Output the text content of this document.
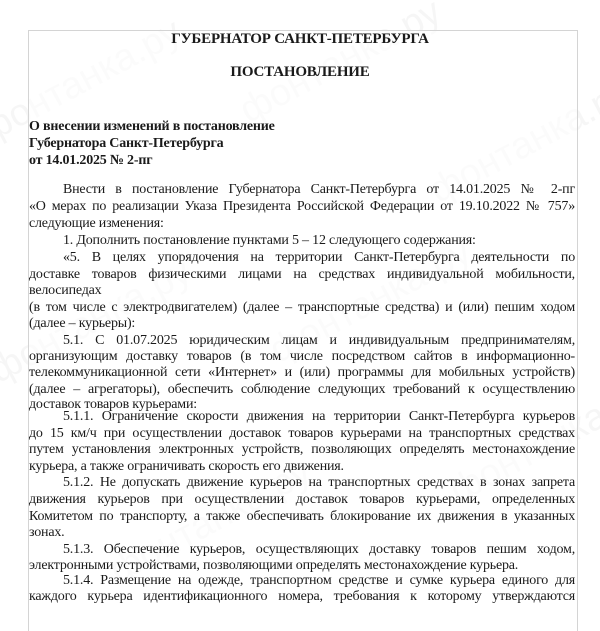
ГУБЕРНАТОР САНКТ-ПЕТЕРБУРГА
ПОСТАНОВЛЕНИЕ
О внесении изменений в постановление
Губернатора Санкт-Петербурга
от 14.01.2025 № 2-пг
Внести в постановление Губернатора Санкт-Петербурга от 14.01.2025 № 2-пг
«О мерах по реализации Указа Президента Российской Федерации от 19.10.2022 № 757»
следующие изменения:
1. Дополнить постановление пунктами 5 – 12 следующего содержания:
«5. В целях упорядочения на территории Санкт-Петербурга деятельности по
доставке товаров физическими лицами на средствах индивидуальной мобильности,
велосипедах
(в том числе с электродвигателем) (далее – транспортные средства) и (или) пешим ходом
(далее – курьеры):
5.1. С 01.07.2025 юридическим лицам и индивидуальным предпринимателям,
организующим доставку товаров (в том числе посредством сайтов в информационно-
телекоммуникационной сети «Интернет» и (или) программы для мобильных устройств)
(далее – агрегаторы), обеспечить соблюдение следующих требований к осуществлению
доставок товаров курьерами:
5.1.1. Ограничение скорости движения на территории Санкт-Петербурга курьеров
до 15 км/ч при осуществлении доставок товаров курьерами на транспортных средствах
путем установления электронных устройств, позволяющих определять местонахождение
курьера, а также ограничивать скорость его движения.
5.1.2. Не допускать движение курьеров на транспортных средствах в зонах запрета
движения курьеров при осуществлении доставок товаров курьерами, определенных
Комитетом по транспорту, а также обеспечивать блокирование их движения в указанных
зонах.
5.1.3. Обеспечение курьеров, осуществляющих доставку товаров пешим ходом,
электронными устройствами, позволяющими определять местонахождение курьера.
5.1.4. Размещение на одежде, транспортном средстве и сумке курьера единого для
каждого курьера идентификационного номера, требования к которому утверждаются
